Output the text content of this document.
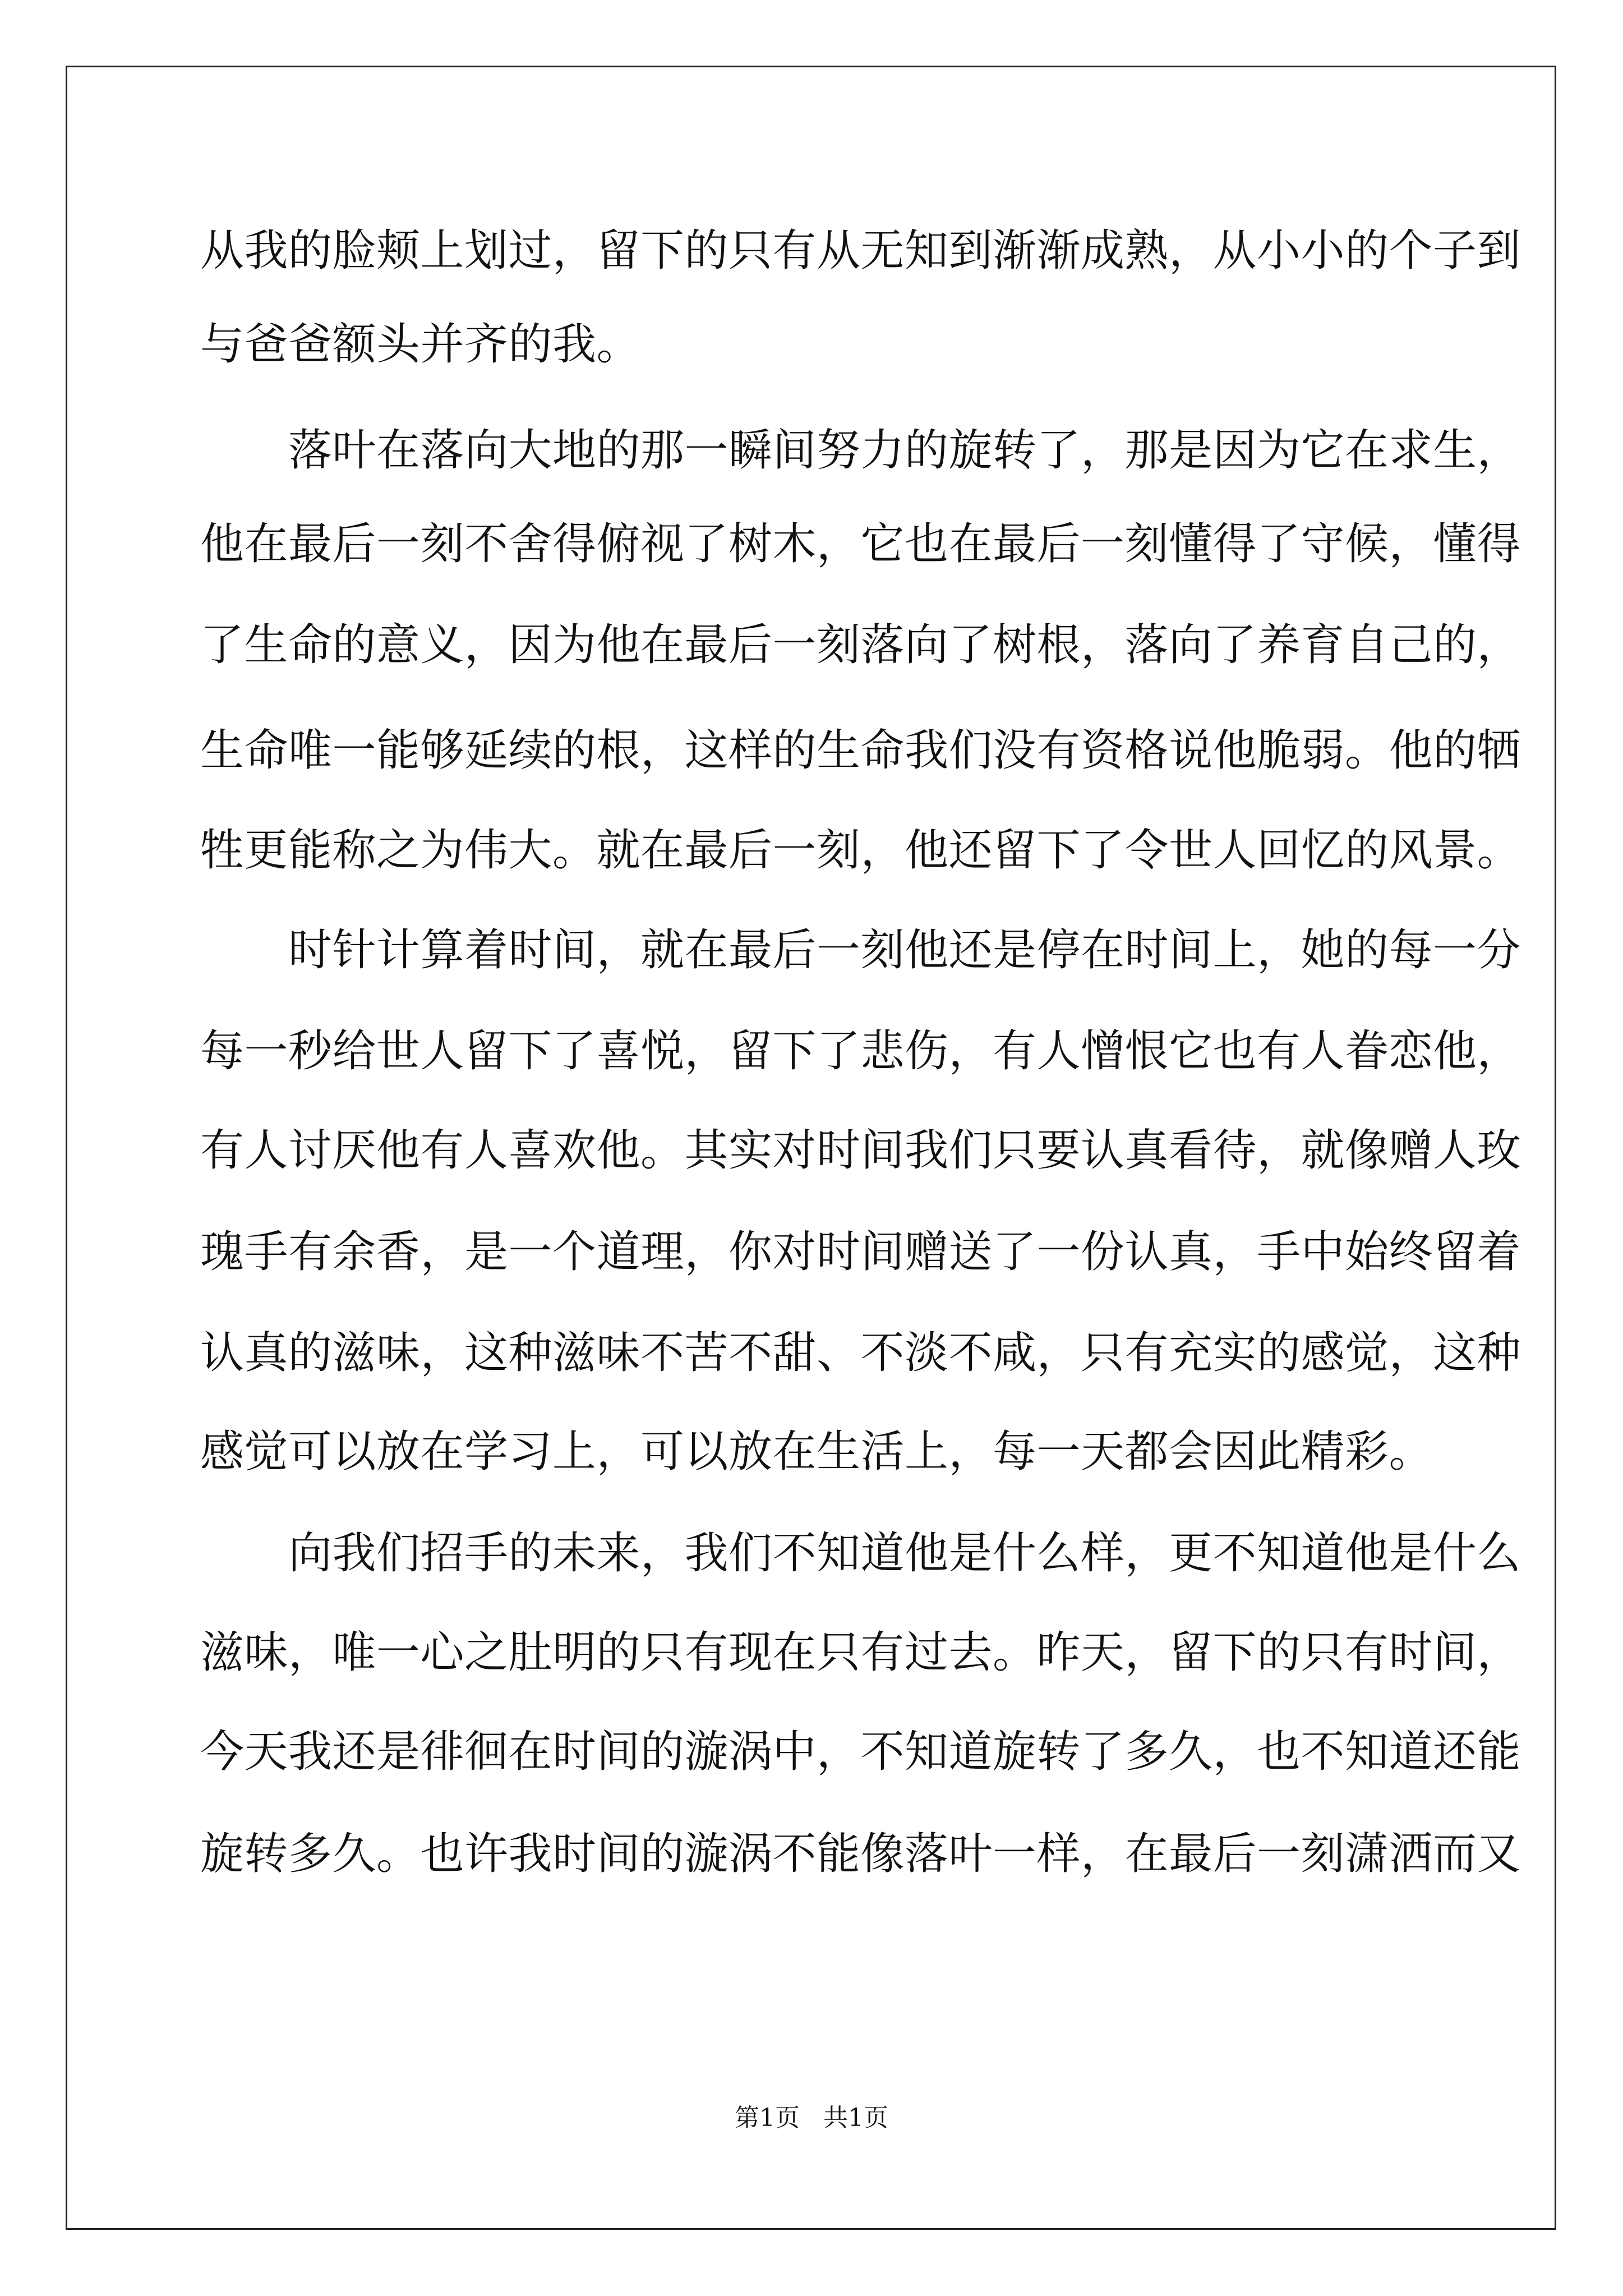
从我的脸颊上划过，留下的只有从无知到渐渐成熟，从小小的个子到
与爸爸额头并齐的我。
　　落叶在落向大地的那一瞬间努力的旋转了，那是因为它在求生，
他在最后一刻不舍得俯视了树木，它也在最后一刻懂得了守候，懂得
了生命的意义，因为他在最后一刻落向了树根，落向了养育自己的，
生命唯一能够延续的根，这样的生命我们没有资格说他脆弱。他的牺
牲更能称之为伟大。就在最后一刻，他还留下了令世人回忆的风景。
　　时针计算着时间，就在最后一刻他还是停在时间上，她的每一分
每一秒给世人留下了喜悦，留下了悲伤，有人憎恨它也有人眷恋他，
有人讨厌他有人喜欢他。其实对时间我们只要认真看待，就像赠人玫
瑰手有余香，是一个道理，你对时间赠送了一份认真，手中始终留着
认真的滋味，这种滋味不苦不甜、不淡不咸，只有充实的感觉，这种
感觉可以放在学习上，可以放在生活上，每一天都会因此精彩。
　　向我们招手的未来，我们不知道他是什么样，更不知道他是什么
滋味，唯一心之肚明的只有现在只有过去。昨天，留下的只有时间，
今天我还是徘徊在时间的漩涡中，不知道旋转了多久，也不知道还能
旋转多久。也许我时间的漩涡不能像落叶一样，在最后一刻潇洒而又
第1页   共1页
